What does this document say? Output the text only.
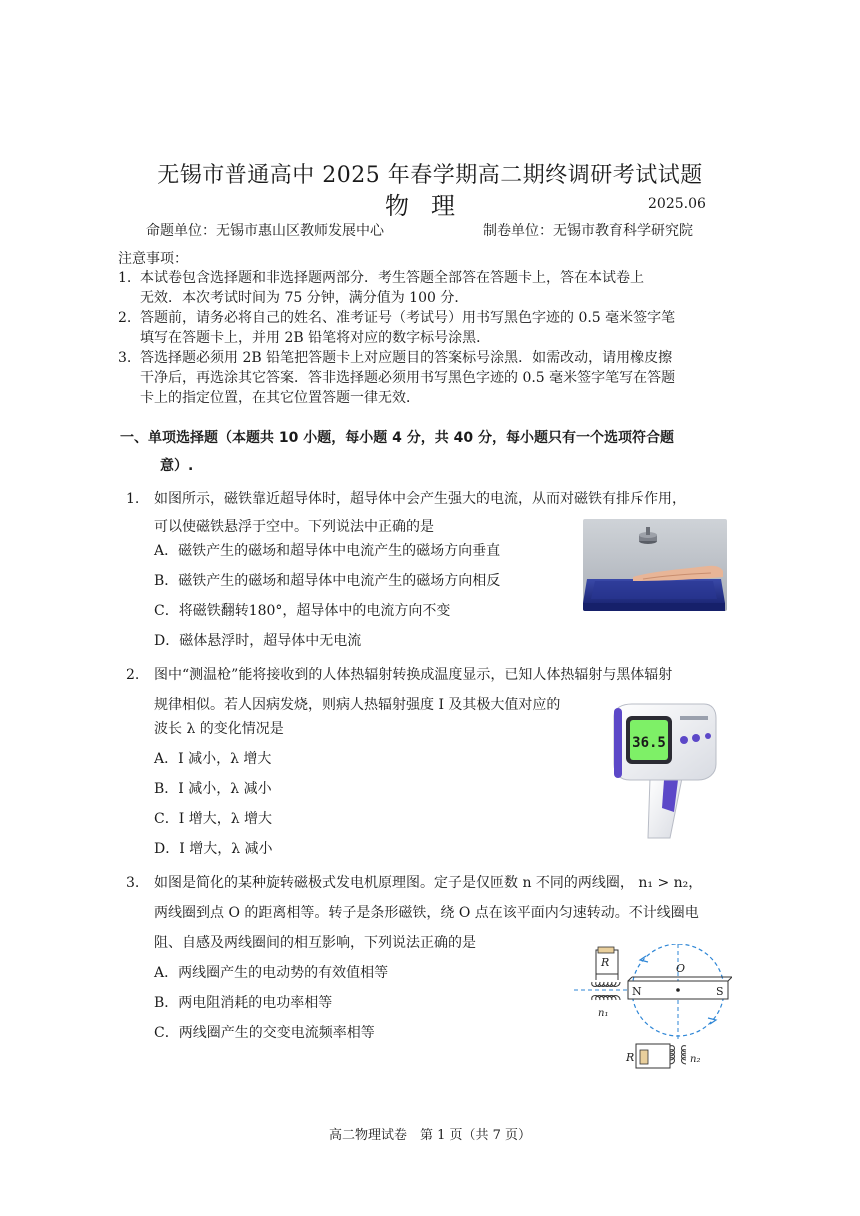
无锡市普通高中 2025 年春学期高二期终调研考试试题
物理	2025.06
命题单位：无锡市惠山区教师发展中心	制卷单位：无锡市教育科学研究院
注意事项：
1. 本试卷包含选择题和非选择题两部分．考生答题全部答在答题卡上，答在本试卷上
无效．本次考试时间为 75 分钟，满分值为 100 分．
2. 答题前，请务必将自己的姓名、准考证号（考试号）用书写黑色字迹的 0.5 毫米签字笔
填写在答题卡上，并用 2B 铅笔将对应的数字标号涂黑．
3. 答选择题必须用 2B 铅笔把答题卡上对应题目的答案标号涂黑．如需改动，请用橡皮擦
干净后，再选涂其它答案．答非选择题必须用书写黑色字迹的 0.5 毫米签字笔写在答题
卡上的指定位置，在其它位置答题一律无效．
一、单项选择题（本题共 10 小题，每小题 4 分，共 40 分，每小题只有一个选项符合题
意）.
1. 如图所示，磁铁靠近超导体时，超导体中会产生强大的电流，从而对磁铁有排斥作用，
可以使磁铁悬浮于空中。下列说法中正确的是
A．磁铁产生的磁场和超导体中电流产生的磁场方向垂直
B．磁铁产生的磁场和超导体中电流产生的磁场方向相反
C．将磁铁翻转180°，超导体中的电流方向不变
D．磁体悬浮时，超导体中无电流
2. 图中“测温枪”能将接收到的人体热辐射转换成温度显示，已知人体热辐射与黑体辐射
规律相似。若人因病发烧，则病人热辐射强度 I 及其极大值对应的
波长 λ 的变化情况是
A．I 减小，λ 增大
B．I 减小，λ 减小
C．I 增大，λ 增大
D．I 增大，λ 减小
36.5
3. 如图是简化的某种旋转磁极式发电机原理图。定子是仅匝数 n 不同的两线圈， n₁ > n₂，
两线圈到点 O 的距离相等。转子是条形磁铁，绕 O 点在该平面内匀速转动。不计线圈电
阻、自感及两线圈间的相互影响，下列说法正确的是
A．两线圈产生的电动势的有效值相等
B．两电阻消耗的电功率相等
C．两线圈产生的交变电流频率相等
O
N	S
R
n₁
R	n₂
高二物理试卷　第 1 页（共 7 页）
